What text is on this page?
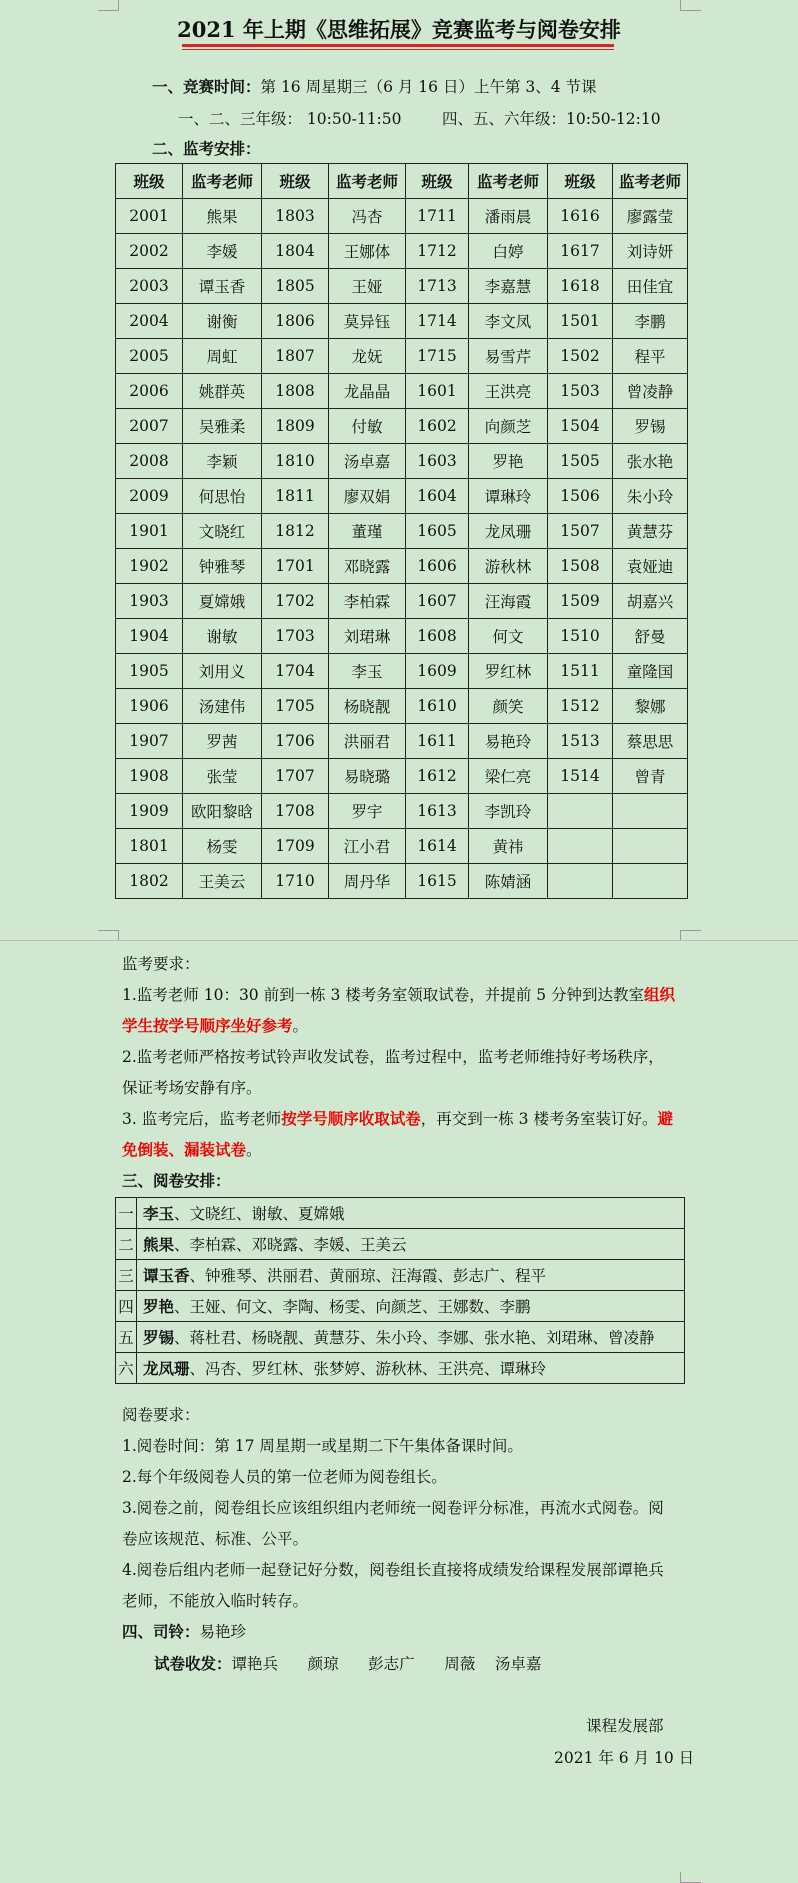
2021 年上期《思维拓展》竞赛监考与阅卷安排
一、竞赛时间：第 16 周星期三（6 月 16 日）上午第 3、4 节课
一、二、三年级： 10:50-11:50	四、五、六年级：10:50-12:10
二、监考安排：
班级	监考老师	班级	监考老师	班级	监考老师	班级	监考老师
2001	熊果	1803	冯杏	1711	潘雨晨	1616	廖露莹
2002	李媛	1804	王娜体	1712	白婷	1617	刘诗妍
2003	谭玉香	1805	王娅	1713	李嘉慧	1618	田佳宜
2004	谢衡	1806	莫异钰	1714	李文凤	1501	李鹏
2005	周虹	1807	龙妩	1715	易雪芹	1502	程平
2006	姚群英	1808	龙晶晶	1601	王洪亮	1503	曾凌静
2007	吴雅柔	1809	付敏	1602	向颜芝	1504	罗锡
2008	李颖	1810	汤卓嘉	1603	罗艳	1505	张水艳
2009	何思怡	1811	廖双娟	1604	谭琳玲	1506	朱小玲
1901	文晓红	1812	董瑾	1605	龙凤珊	1507	黄慧芬
1902	钟雅琴	1701	邓晓露	1606	游秋林	1508	袁娅迪
1903	夏嫦娥	1702	李柏霖	1607	汪海霞	1509	胡嘉兴
1904	谢敏	1703	刘珺琳	1608	何文	1510	舒曼
1905	刘用义	1704	李玉	1609	罗红林	1511	童隆国
1906	汤建伟	1705	杨晓靓	1610	颜笑	1512	黎娜
1907	罗茜	1706	洪丽君	1611	易艳玲	1513	蔡思思
1908	张莹	1707	易晓璐	1612	梁仁亮	1514	曾青
1909	欧阳黎晗	1708	罗宇	1613	李凯玲		
1801	杨雯	1709	江小君	1614	黄祎		
1802	王美云	1710	周丹华	1615	陈婧涵		
监考要求：
1.监考老师 10：30 前到一栋 3 楼考务室领取试卷，并提前 5 分钟到达教室组织
学生按学号顺序坐好参考。
2.监考老师严格按考试铃声收发试卷，监考过程中，监考老师维持好考场秩序，
保证考场安静有序。
3. 监考完后，监考老师按学号顺序收取试卷，再交到一栋 3 楼考务室装订好。避
免倒装、漏装试卷。
三、阅卷安排：
一	李玉、文晓红、谢敏、夏嫦娥
二	熊果、李柏霖、邓晓露、李媛、王美云
三	谭玉香、钟雅琴、洪丽君、黄丽琼、汪海霞、彭志广、程平
四	罗艳、王娅、何文、李陶、杨雯、向颜芝、王娜数、李鹏
五	罗锡、蒋杜君、杨晓靓、黄慧芬、朱小玲、李娜、张水艳、刘珺琳、曾凌静
六	龙凤珊、冯杏、罗红林、张梦婷、游秋林、王洪亮、谭琳玲
阅卷要求：
1.阅卷时间：第 17 周星期一或星期二下午集体备课时间。
2.每个年级阅卷人员的第一位老师为阅卷组长。
3.阅卷之前，阅卷组长应该组织组内老师统一阅卷评分标准，再流水式阅卷。阅
卷应该规范、标准、公平。
4.阅卷后组内老师一起登记好分数，阅卷组长直接将成绩发给课程发展部谭艳兵
老师，不能放入临时转存。
四、司铃：易艳珍
试卷收发：谭艳兵      颜琼      彭志广      周薇    汤卓嘉
课程发展部
2021 年 6 月 10 日
